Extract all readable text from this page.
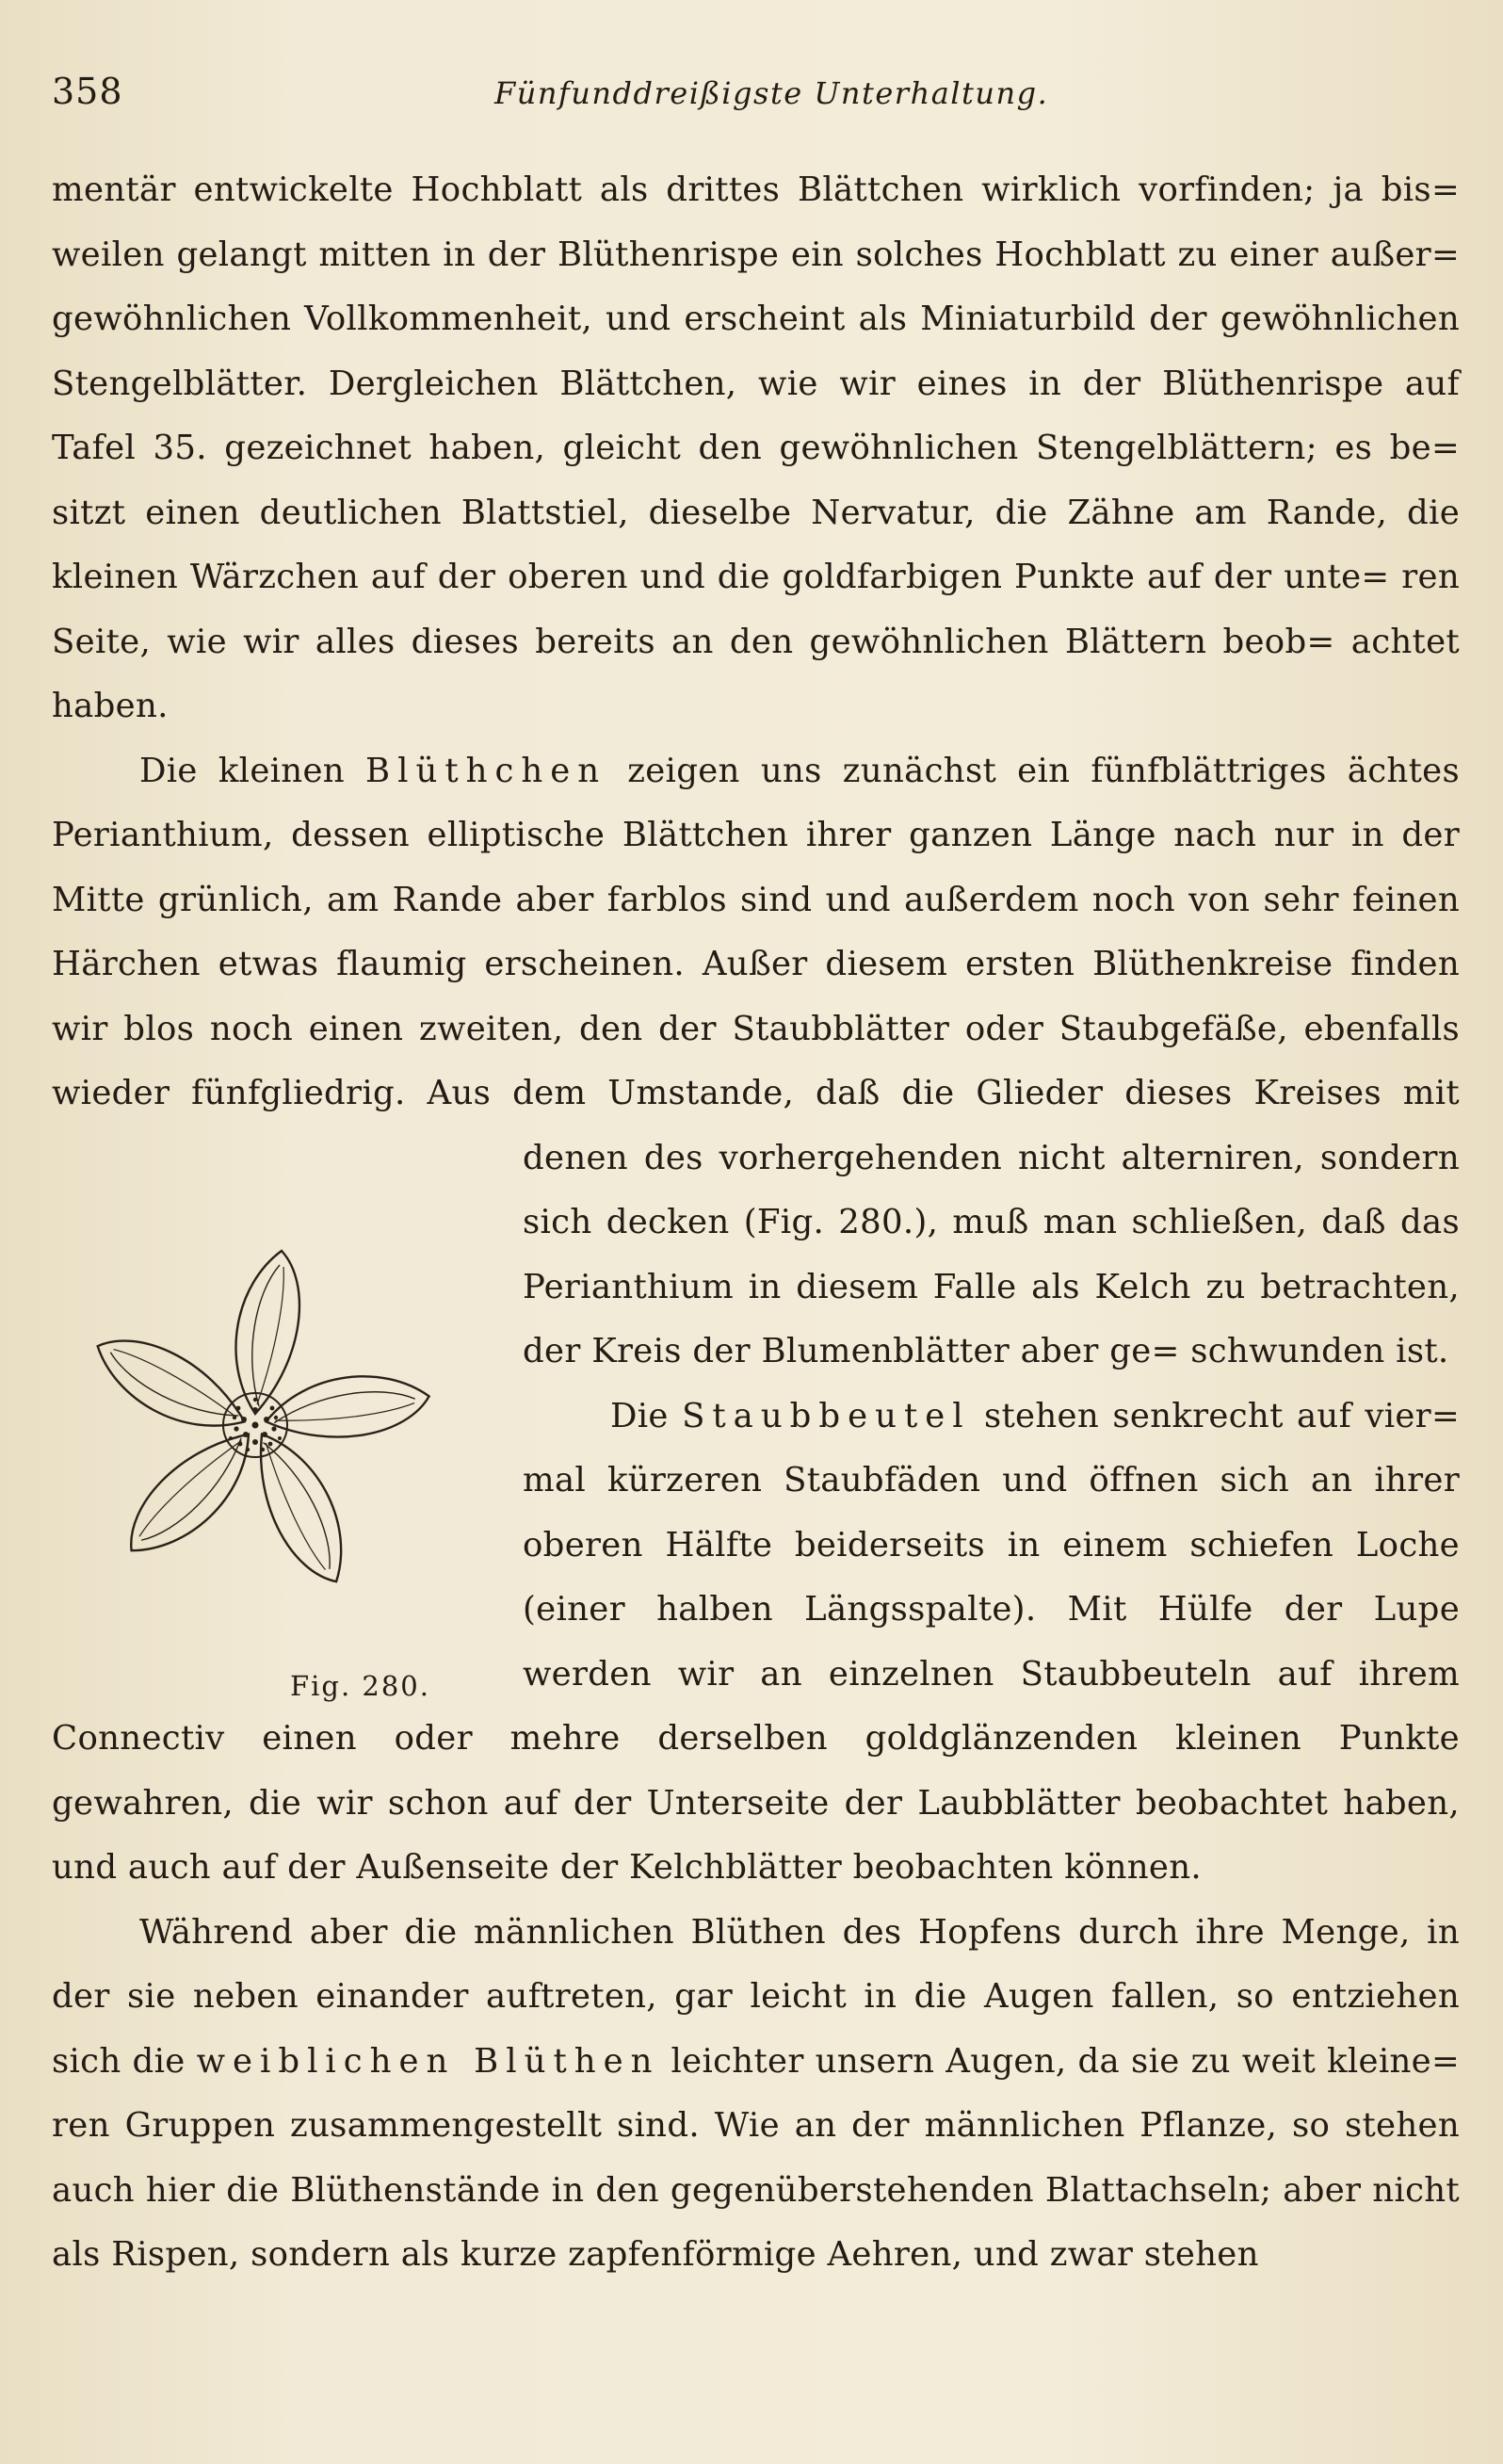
358	Fünfunddreißigste Unterhaltung.

mentär entwickelte Hochblatt als drittes Blättchen wirklich vorfinden; ja bis= weilen gelangt mitten in der Blüthenrispe ein solches Hochblatt zu einer außer= gewöhnlichen Vollkommenheit, und erscheint als Miniaturbild der gewöhnlichen Stengelblätter. Dergleichen Blättchen, wie wir eines in der Blüthenrispe auf Tafel 35. gezeichnet haben, gleicht den gewöhnlichen Stengelblättern; es be= sitzt einen deutlichen Blattstiel, dieselbe Nervatur, die Zähne am Rande, die kleinen Wärzchen auf der oberen und die goldfarbigen Punkte auf der unte= ren Seite, wie wir alles dieses bereits an den gewöhnlichen Blättern beob= achtet haben.

Die kleinen Blüthchen zeigen uns zunächst ein fünfblättriges ächtes Perianthium, dessen elliptische Blättchen ihrer ganzen Länge nach nur in der Mitte grünlich, am Rande aber farblos sind und außerdem noch von sehr feinen Härchen etwas flaumig erscheinen. Außer diesem ersten Blüthenkreise finden wir blos noch einen zweiten, den der Staubblätter oder Staubgefäße, ebenfalls wieder fünfgliedrig. Aus dem Umstande, daß die Glieder dieses Kreises mit
Fig. 280.
denen des vorhergehenden nicht alterniren, sondern sich decken (Fig. 280.), muß man schließen, daß das Perianthium in diesem Falle als Kelch zu betrachten, der Kreis der Blumenblätter aber ge= schwunden ist.

Die Staubbeutel stehen senkrecht auf vier= mal kürzeren Staubfäden und öffnen sich an ihrer oberen Hälfte beiderseits in einem schiefen Loche (einer halben Längsspalte). Mit Hülfe der Lupe werden wir an einzelnen Staubbeuteln auf ihrem Connectiv einen oder mehre derselben goldglänzenden kleinen Punkte gewahren, die wir schon auf der Unterseite der Laubblätter beobachtet haben, und auch auf der Außenseite der Kelchblätter beobachten können.

Während aber die männlichen Blüthen des Hopfens durch ihre Menge, in der sie neben einander auftreten, gar leicht in die Augen fallen, so entziehen sich die weiblichen Blüthen leichter unsern Augen, da sie zu weit kleine= ren Gruppen zusammengestellt sind. Wie an der männlichen Pflanze, so stehen auch hier die Blüthenstände in den gegenüberstehenden Blattachseln; aber nicht als Rispen, sondern als kurze zapfenförmige Aehren, und zwar stehen
